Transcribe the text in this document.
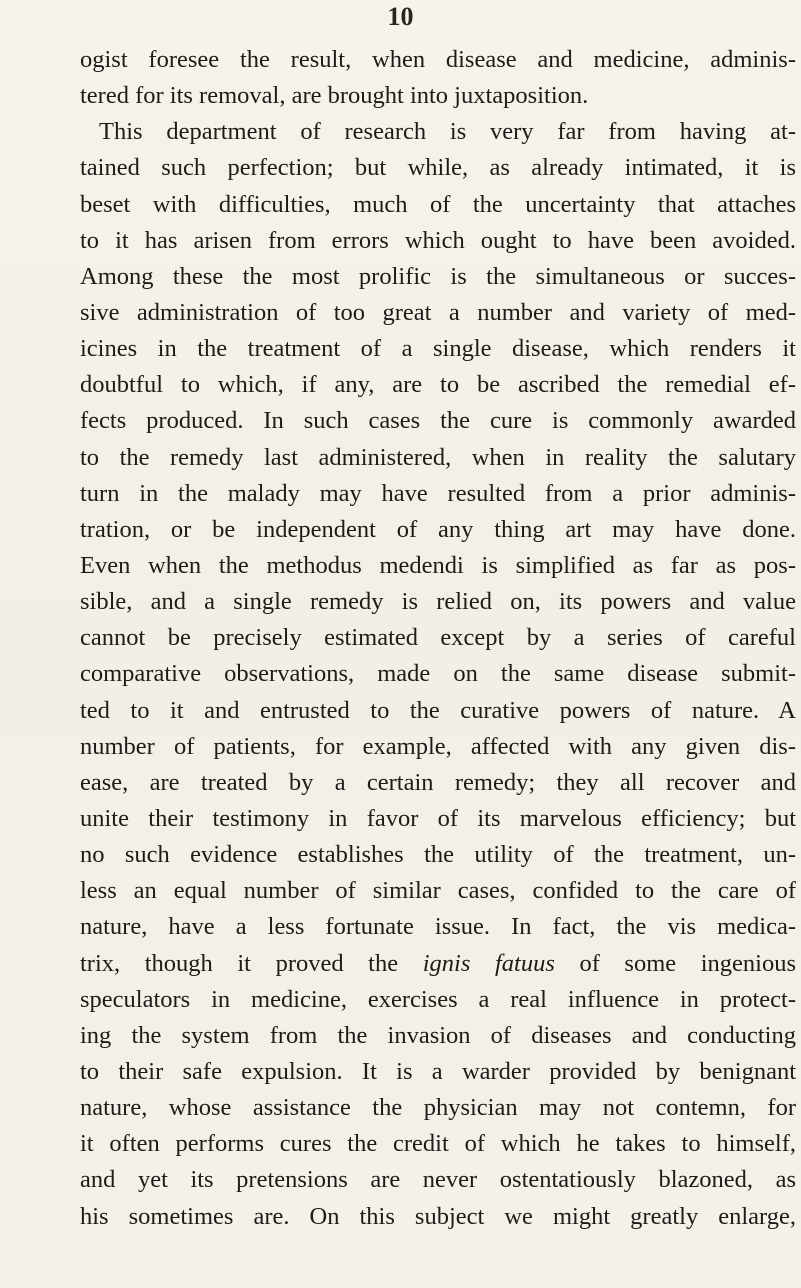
10
ogist foresee the result, when disease and medicine, adminis-
tered for its removal, are brought into juxtaposition.
This department of research is very far from having at-
tained such perfection; but while, as already intimated, it is
beset with difficulties, much of the uncertainty that attaches
to it has arisen from errors which ought to have been avoided.
Among these the most prolific is the simultaneous or succes-
sive administration of too great a number and variety of med-
icines in the treatment of a single disease, which renders it
doubtful to which, if any, are to be ascribed the remedial ef-
fects produced. In such cases the cure is commonly awarded
to the remedy last administered, when in reality the salutary
turn in the malady may have resulted from a prior adminis-
tration, or be independent of any thing art may have done.
Even when the methodus medendi is simplified as far as pos-
sible, and a single remedy is relied on, its powers and value
cannot be precisely estimated except by a series of careful
comparative observations, made on the same disease submit-
ted to it and entrusted to the curative powers of nature. A
number of patients, for example, affected with any given dis-
ease, are treated by a certain remedy; they all recover and
unite their testimony in favor of its marvelous efficiency; but
no such evidence establishes the utility of the treatment, un-
less an equal number of similar cases, confided to the care of
nature, have a less fortunate issue. In fact, the vis medica-
trix, though it proved the ignis fatuus of some ingenious
speculators in medicine, exercises a real influence in protect-
ing the system from the invasion of diseases and conducting
to their safe expulsion. It is a warder provided by benignant
nature, whose assistance the physician may not contemn, for
it often performs cures the credit of which he takes to himself,
and yet its pretensions are never ostentatiously blazoned, as
his sometimes are. On this subject we might greatly enlarge,
